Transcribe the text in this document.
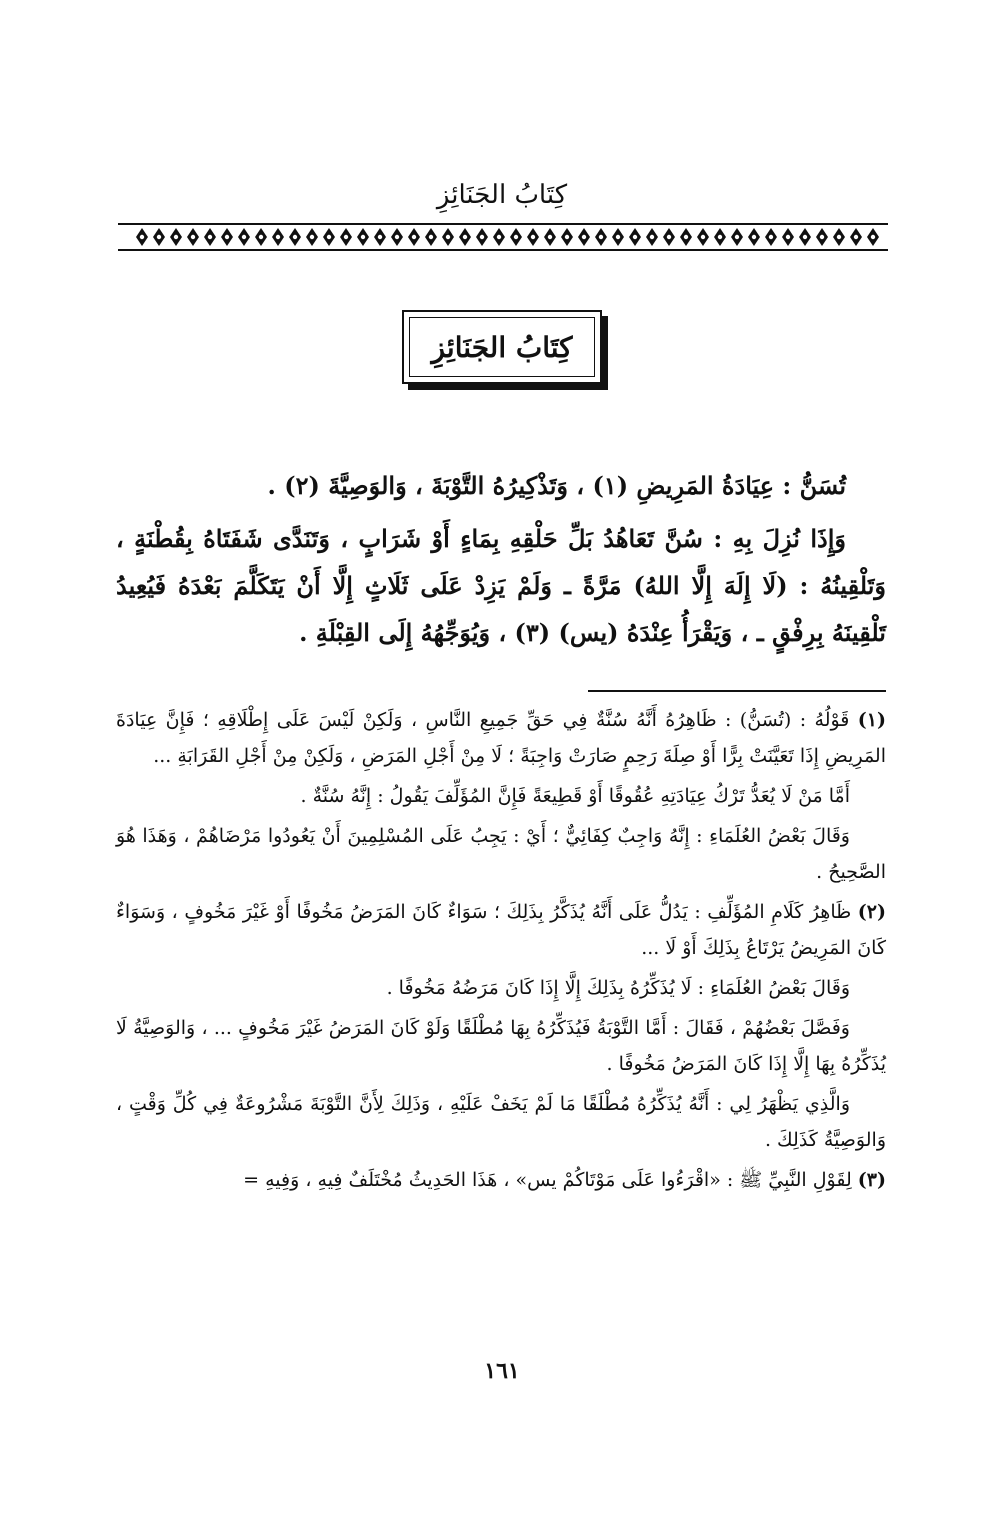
كِتَابُ الجَنَائِزِ
كِتَابُ الجَنَائِزِ

تُسَنُّ : عِيَادَةُ المَرِيضِ (١) ، وَتَذْكِيرُهُ التَّوْبَةَ ، وَالوَصِيَّةَ (٢) .

وَإِذَا نُزِلَ بِهِ : سُنَّ تَعَاهُدُ بَلِّ حَلْقِهِ بِمَاءٍ أَوْ شَرَابٍ ، وَتَنَدَّى شَفَتَاهُ بِقُطْنَةٍ ، وَتَلْقِينُهُ : (لَا إِلَهَ إِلَّا اللهُ) مَرَّةً ـ وَلَمْ يَزِدْ عَلَى ثَلَاثٍ إِلَّا أَنْ يَتَكَلَّمَ بَعْدَهُ فَيُعِيدُ تَلْقِينَهُ بِرِفْقٍ ـ ، وَيَقْرَأُ عِنْدَهُ (يس) (٣) ، وَيُوَجِّهُهُ إِلَى القِبْلَةِ .

(١) قَوْلُهُ : (تُسَنُّ) : ظَاهِرُهُ أَنَّهُ سُنَّةٌ فِي حَقِّ جَمِيعِ النَّاسِ ، وَلَكِنْ لَيْسَ عَلَى إِطْلَاقِهِ ؛ فَإِنَّ عِيَادَةَ المَرِيضِ إِذَا تَعَيَّنَتْ بِرًّا أَوْ صِلَةَ رَحِمٍ صَارَتْ وَاجِبَةً ؛ لَا مِنْ أَجْلِ المَرَضِ ، وَلَكِنْ مِنْ أَجْلِ القَرَابَةِ ...

أَمَّا مَنْ لَا يُعَدُّ تَرْكُ عِيَادَتِهِ عُقُوقًا أَوْ قَطِيعَةً فَإِنَّ المُؤَلِّفَ يَقُولُ : إِنَّهُ سُنَّةٌ .

وَقَالَ بَعْضُ العُلَمَاءِ : إِنَّهُ وَاجِبٌ كِفَائِيٌّ ؛ أَيْ : يَجِبُ عَلَى المُسْلِمِينَ أَنْ يَعُودُوا مَرْضَاهُمْ ، وَهَذَا هُوَ الصَّحِيحُ .

(٢) ظَاهِرُ كَلَامِ المُؤَلِّفِ : يَدُلُّ عَلَى أَنَّهُ يُذَكَّرُ بِذَلِكَ ؛ سَوَاءٌ كَانَ المَرَضُ مَخُوفًا أَوْ غَيْرَ مَخُوفٍ ، وَسَوَاءٌ كَانَ المَرِيضُ يَرْتَاعُ بِذَلِكَ أَوْ لَا ...

وَقَالَ بَعْضُ العُلَمَاءِ : لَا يُذَكِّرُهُ بِذَلِكَ إِلَّا إِذَا كَانَ مَرَضُهُ مَخُوفًا .

وَفَصَّلَ بَعْضُهُمْ ، فَقَالَ : أَمَّا التَّوْبَةُ فَيُذَكِّرُهُ بِهَا مُطْلَقًا وَلَوْ كَانَ المَرَضُ غَيْرَ مَخُوفٍ ... ، وَالوَصِيَّةُ لَا يُذَكِّرُهُ بِهَا إِلَّا إِذَا كَانَ المَرَضُ مَخُوفًا .

وَالَّذِي يَظْهَرُ لِي : أَنَّهُ يُذَكِّرُهُ مُطْلَقًا مَا لَمْ يَخَفْ عَلَيْهِ ، وَذَلِكَ لِأَنَّ التَّوْبَةَ مَشْرُوعَةٌ فِي كُلِّ وَقْتٍ ، وَالوَصِيَّةُ كَذَلِكَ .

(٣) لِقَوْلِ النَّبِيِّ ﷺ : «اقْرَءُوا عَلَى مَوْتَاكُمْ يس» ، هَذَا الحَدِيثُ مُخْتَلَفٌ فِيهِ ، وَفِيهِ =

١٦١
